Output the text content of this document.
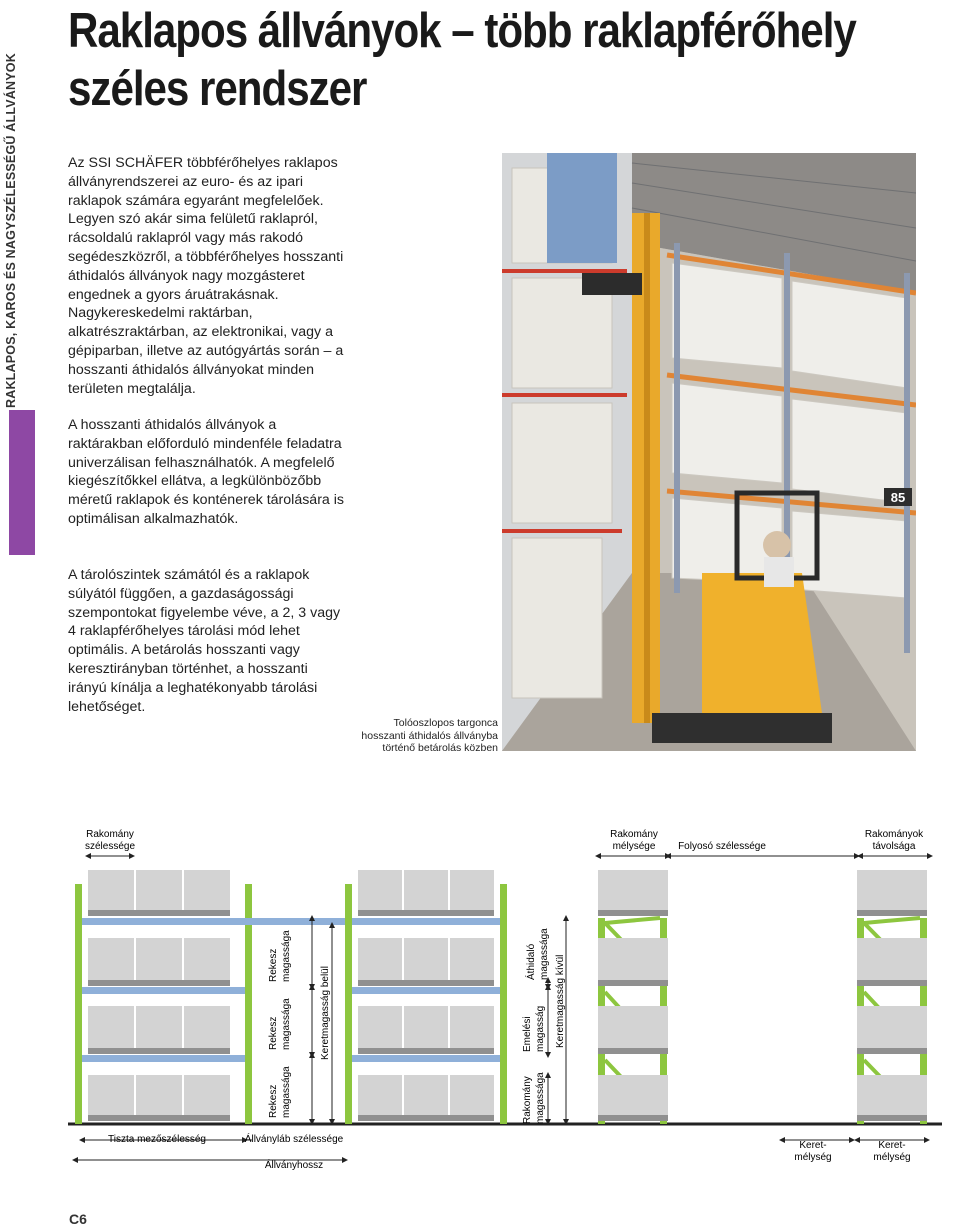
Raklapos állványok – több raklapférőhely
széles rendszer
RAKLAPOS, KAROS ÉS NAGYSZÉLESSÉGŰ ÁLLVÁNYOK	Az SSI SCHÄFER többférőhelyes raklapos állványrendszerei az euro- és az ipari raklapok számára egyaránt megfelelőek. Legyen szó akár sima felületű raklapról, rácsoldalú raklapról vagy más rakodó segédeszközről, a többférőhelyes hosszanti áthidalós állványok nagy mozgásteret engednek a gyors áruátrakásnak. Nagykereskedelmi raktárban, alkatrészraktárban, az elektronikai, vagy a gépiparban, illetve az autógyártás során – a hosszanti áthidalós állványokat minden területen megtalálja.

A hosszanti áthidalós állványok a raktárakban előforduló mindenféle feladatra univerzálisan felhasználhatók. A megfelelő kiegészítőkkel ellátva, a legkülönbözőbb méretű raklapok és konténerek tárolására is optimálisan alkalmazhatók.

A tárolószintek számától és a raklapok súlyától függően, a gazdaságossági szempontokat figyelembe véve, a 2, 3 vagy 4 raklapférőhelyes tárolási mód lehet optimális. A betárolás hosszanti vagy keresztirányban történhet, a hosszanti irányú kínálja a leghatékonyabb tárolási lehetőséget.

85
Tolóoszlopos targonca
hosszanti áthidalós állványba
történő betárolás közben
Rakomány
szélessége
Rakomány
mélysége Folyosó szélessége
Rakományok
távolsága
Rekesz magassága
Rekesz magassága
Rekesz magassága
Keretmagasság belül
Áthidaló magassága
Emelési magasság
Rakomány magassága
Keretmagasság kívül
Tiszta mezőszélesség	Állványláb szélessége
Állványhossz
Keret-
mélység
Keret-
mélység
C6
